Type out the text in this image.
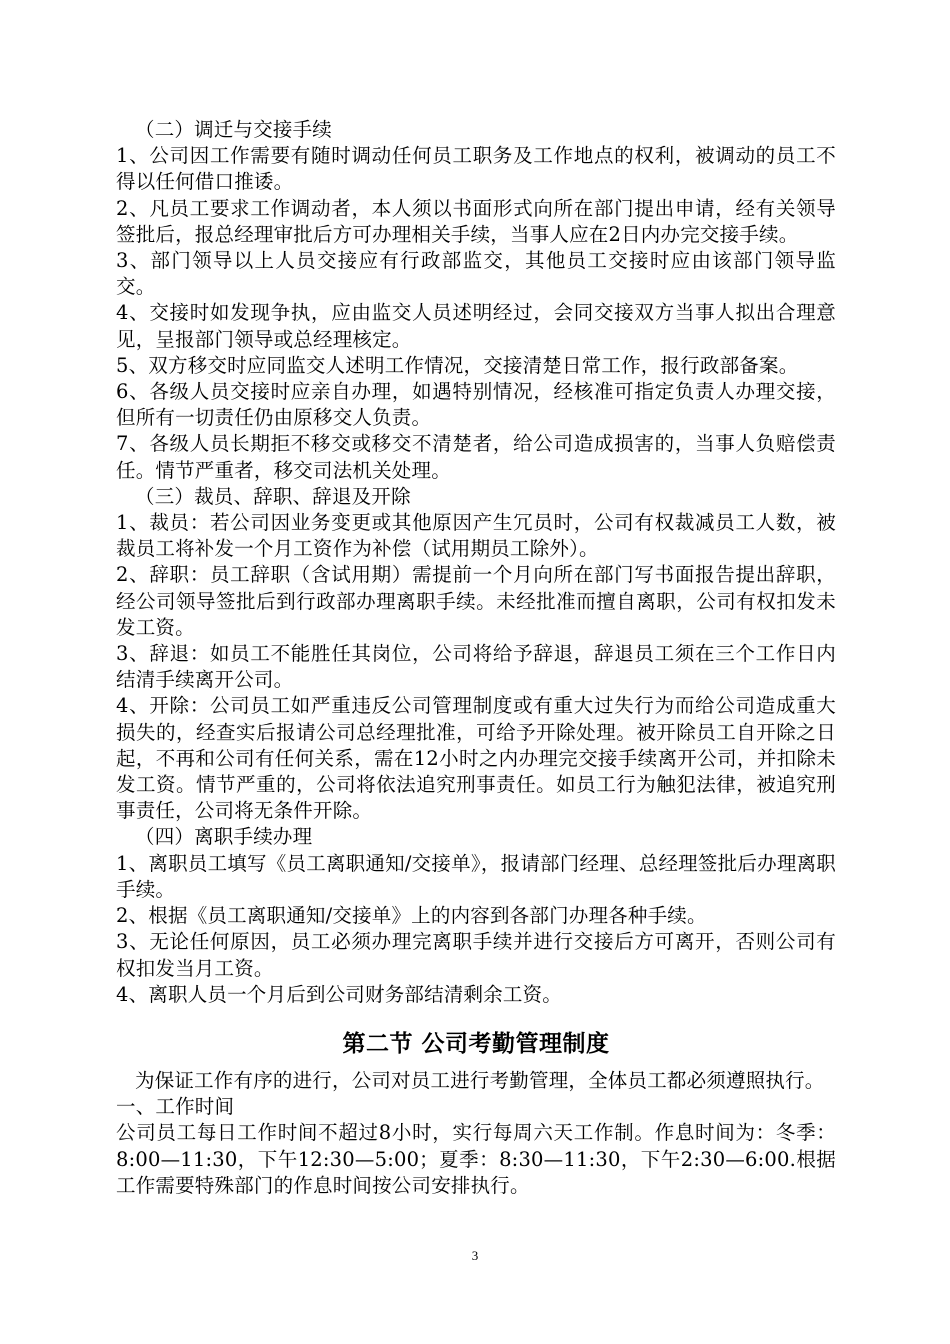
（二）调迁与交接手续

1、公司因工作需要有随时调动任何员工职务及工作地点的权利，被调动的员工不得以任何借口推诿。

2、凡员工要求工作调动者，本人须以书面形式向所在部门提出申请，经有关领导签批后，报总经理审批后方可办理相关手续，当事人应在2日内办完交接手续。

3、部门领导以上人员交接应有行政部监交，其他员工交接时应由该部门领导监交。

4、交接时如发现争执，应由监交人员述明经过，会同交接双方当事人拟出合理意见，呈报部门领导或总经理核定。

5、双方移交时应同监交人述明工作情况，交接清楚日常工作，报行政部备案。

6、各级人员交接时应亲自办理，如遇特别情况，经核准可指定负责人办理交接，但所有一切责任仍由原移交人负责。

7、各级人员长期拒不移交或移交不清楚者，给公司造成损害的，当事人负赔偿责任。情节严重者，移交司法机关处理。

（三）裁员、辞职、辞退及开除

1、裁员：若公司因业务变更或其他原因产生冗员时，公司有权裁减员工人数，被裁员工将补发一个月工资作为补偿（试用期员工除外）。

2、辞职：员工辞职（含试用期）需提前一个月向所在部门写书面报告提出辞职，经公司领导签批后到行政部办理离职手续。未经批准而擅自离职，公司有权扣发未发工资。

3、辞退：如员工不能胜任其岗位，公司将给予辞退，辞退员工须在三个工作日内结清手续离开公司。

4、开除：公司员工如严重违反公司管理制度或有重大过失行为而给公司造成重大损失的，经查实后报请公司总经理批准，可给予开除处理。被开除员工自开除之日起，不再和公司有任何关系，需在12小时之内办理完交接手续离开公司，并扣除未发工资。情节严重的，公司将依法追究刑事责任。如员工行为触犯法律，被追究刑事责任，公司将无条件开除。

（四）离职手续办理

1、离职员工填写《员工离职通知/交接单》，报请部门经理、总经理签批后办理离职手续。

2、根据《员工离职通知/交接单》上的内容到各部门办理各种手续。

3、无论任何原因，员工必须办理完离职手续并进行交接后方可离开，否则公司有权扣发当月工资。

4、离职人员一个月后到公司财务部结清剩余工资。

第二节 公司考勤管理制度

为保证工作有序的进行，公司对员工进行考勤管理，全体员工都必须遵照执行。

一、工作时间

公司员工每日工作时间不超过8小时，实行每周六天工作制。作息时间为：冬季：8:00—11:30，下午12:30—5:00；夏季：8:30—11:30，下午2:30—6:00.根据工作需要特殊部门的作息时间按公司安排执行。

3
